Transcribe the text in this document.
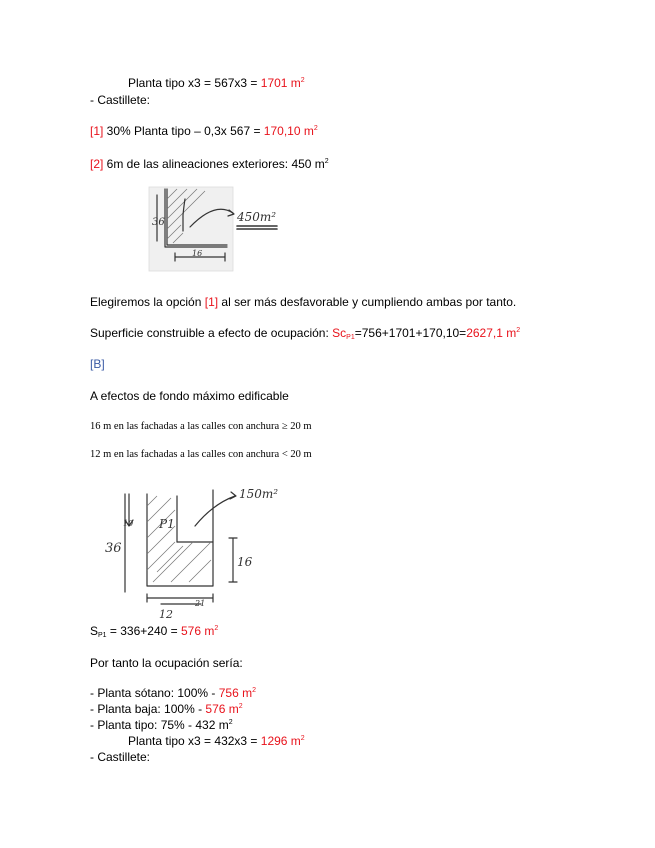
Planta tipo x3 = 567x3 = 1701 $m^2$
- Castillete:
[1] 30% Planta tipo – 0,3x 567 = 170,10 $m^2$
[2] 6m de las alineaciones exteriores: 450 $m^2$
36
16
450m²
Elegiremos la opción [1] al ser más desfavorable y cumpliendo ambas por tanto.
Superficie construible a efecto de ocupación: $Sc_{P1}=756+1701+170,10=2627,1$ $m^2$
[B]
A efectos de fondo máximo edificable
16 m en las fachadas a las calles con anchura ≥ 20 m
12 m en las fachadas a las calles con anchura < 20 m
P1
150m²
10
36
16
21
12
$S_{P1} = 336+240 = 576$ $m^2$
Por tanto la ocupación sería:
- Planta sótano: 100% - 756 $m^2$
- Planta baja: 100% - 576 $m^2$
- Planta tipo: 75% - 432 $m^2$
Planta tipo x3 = 432x3 = 1296 $m^2$
- Castillete:
